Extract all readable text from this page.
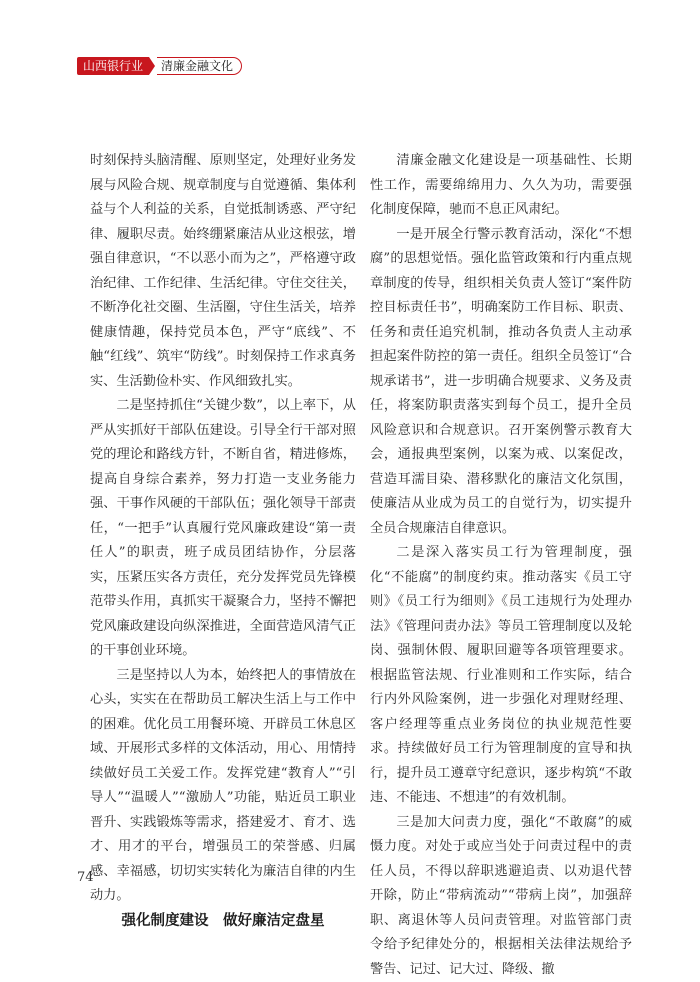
山西银行业	清廉金融文化

时刻保持头脑清醒、原则坚定，处理好业务发展与风险合规、规章制度与自觉遵循、集体利益与个人利益的关系，自觉抵制诱惑、严守纪律、履职尽责。始终绷紧廉洁从业这根弦，增强自律意识，“不以恶小而为之”，严格遵守政治纪律、工作纪律、生活纪律。守住交往关，不断净化社交圈、生活圈，守住生活关，培养健康情趣，保持党员本色，严守“底线”、不触“红线”、筑牢“防线”。时刻保持工作求真务实、生活勤俭朴实、作风细致扎实。

二是坚持抓住“关键少数”，以上率下，从严从实抓好干部队伍建设。引导全行干部对照党的理论和路线方针，不断自省，精进修炼，提高自身综合素养，努力打造一支业务能力强、干事作风硬的干部队伍；强化领导干部责任，“一把手”认真履行党风廉政建设“第一责任人”的职责，班子成员团结协作，分层落实，压紧压实各方责任，充分发挥党员先锋模范带头作用，真抓实干凝聚合力，坚持不懈把党风廉政建设向纵深推进，全面营造风清气正的干事创业环境。

三是坚持以人为本，始终把人的事情放在心头，实实在在帮助员工解决生活上与工作中的困难。优化员工用餐环境、开辟员工休息区域、开展形式多样的文体活动，用心、用情持续做好员工关爱工作。发挥党建“教育人”“引导人”“温暖人”“激励人”功能，贴近员工职业晋升、实践锻炼等需求，搭建爱才、育才、选才、用才的平台，增强员工的荣誉感、归属感、幸福感，切切实实转化为廉洁自律的内生动力。

强化制度建设　做好廉洁定盘星

清廉金融文化建设是一项基础性、长期性工作，需要绵绵用力、久久为功，需要强化制度保障，驰而不息正风肃纪。

一是开展全行警示教育活动，深化“不想腐”的思想觉悟。强化监管政策和行内重点规章制度的传导，组织相关负责人签订“案件防控目标责任书”，明确案防工作目标、职责、任务和责任追究机制，推动各负责人主动承担起案件防控的第一责任。组织全员签订“合规承诺书”，进一步明确合规要求、义务及责任，将案防职责落实到每个员工，提升全员风险意识和合规意识。召开案例警示教育大会，通报典型案例，以案为戒、以案促改，营造耳濡目染、潜移默化的廉洁文化氛围，使廉洁从业成为员工的自觉行为，切实提升全员合规廉洁自律意识。

二是深入落实员工行为管理制度，强化“不能腐”的制度约束。推动落实《员工守则》《员工行为细则》《员工违规行为处理办法》《管理问责办法》等员工管理制度以及轮岗、强制休假、履职回避等各项管理要求。根据监管法规、行业准则和工作实际，结合行内外风险案例，进一步强化对理财经理、客户经理等重点业务岗位的执业规范性要求。持续做好员工行为管理制度的宣导和执行，提升员工遵章守纪意识，逐步构筑“不敢违、不能违、不想违”的有效机制。

三是加大问责力度，强化“不敢腐”的威慑力度。对处于或应当处于问责过程中的责任人员，不得以辞职逃避追责、以劝退代替开除，防止“带病流动”“带病上岗”，加强辞职、离退休等人员问责管理。对监管部门责令给予纪律处分的，根据相关法律法规给予警告、记过、记大过、降级、撤

74
